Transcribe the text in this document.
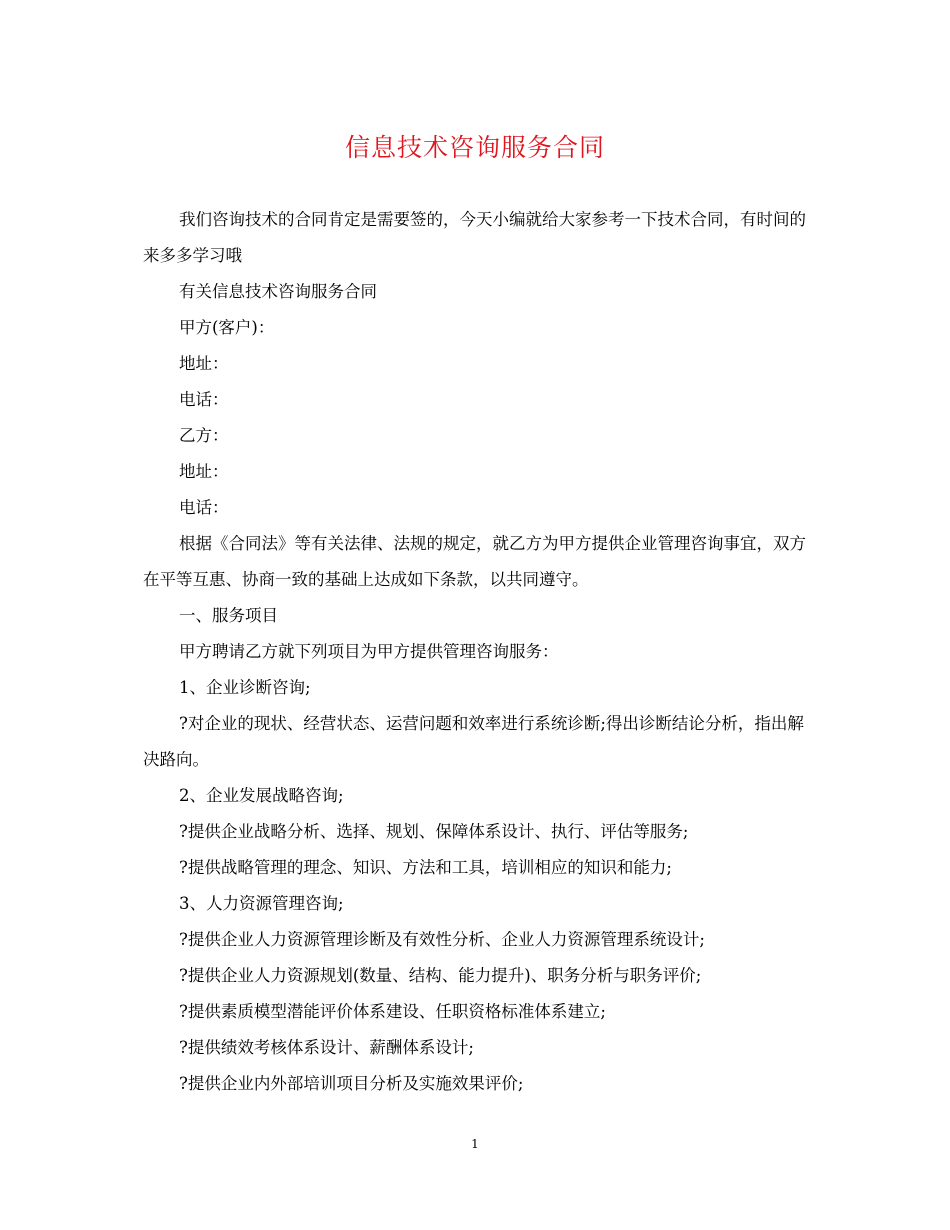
信息技术咨询服务合同

我们咨询技术的合同肯定是需要签的，今天小编就给大家参考一下技术合同，有时间的来多多学习哦

有关信息技术咨询服务合同

甲方(客户)：

地址：

电话：

乙方：

地址：

电话：

根据《合同法》等有关法律、法规的规定，就乙方为甲方提供企业管理咨询事宜，双方在平等互惠、协商一致的基础上达成如下条款，以共同遵守。

一、服务项目

甲方聘请乙方就下列项目为甲方提供管理咨询服务：

1、企业诊断咨询;

?对企业的现状、经营状态、运营问题和效率进行系统诊断;得出诊断结论分析，指出解决路向。

2、企业发展战略咨询;

?提供企业战略分析、选择、规划、保障体系设计、执行、评估等服务;

?提供战略管理的理念、知识、方法和工具，培训相应的知识和能力;

3、人力资源管理咨询;

?提供企业人力资源管理诊断及有效性分析、企业人力资源管理系统设计;

?提供企业人力资源规划(数量、结构、能力提升)、职务分析与职务评价;

?提供素质模型潜能评价体系建设、任职资格标准体系建立;

?提供绩效考核体系设计、薪酬体系设计;

?提供企业内外部培训项目分析及实施效果评价;

1
